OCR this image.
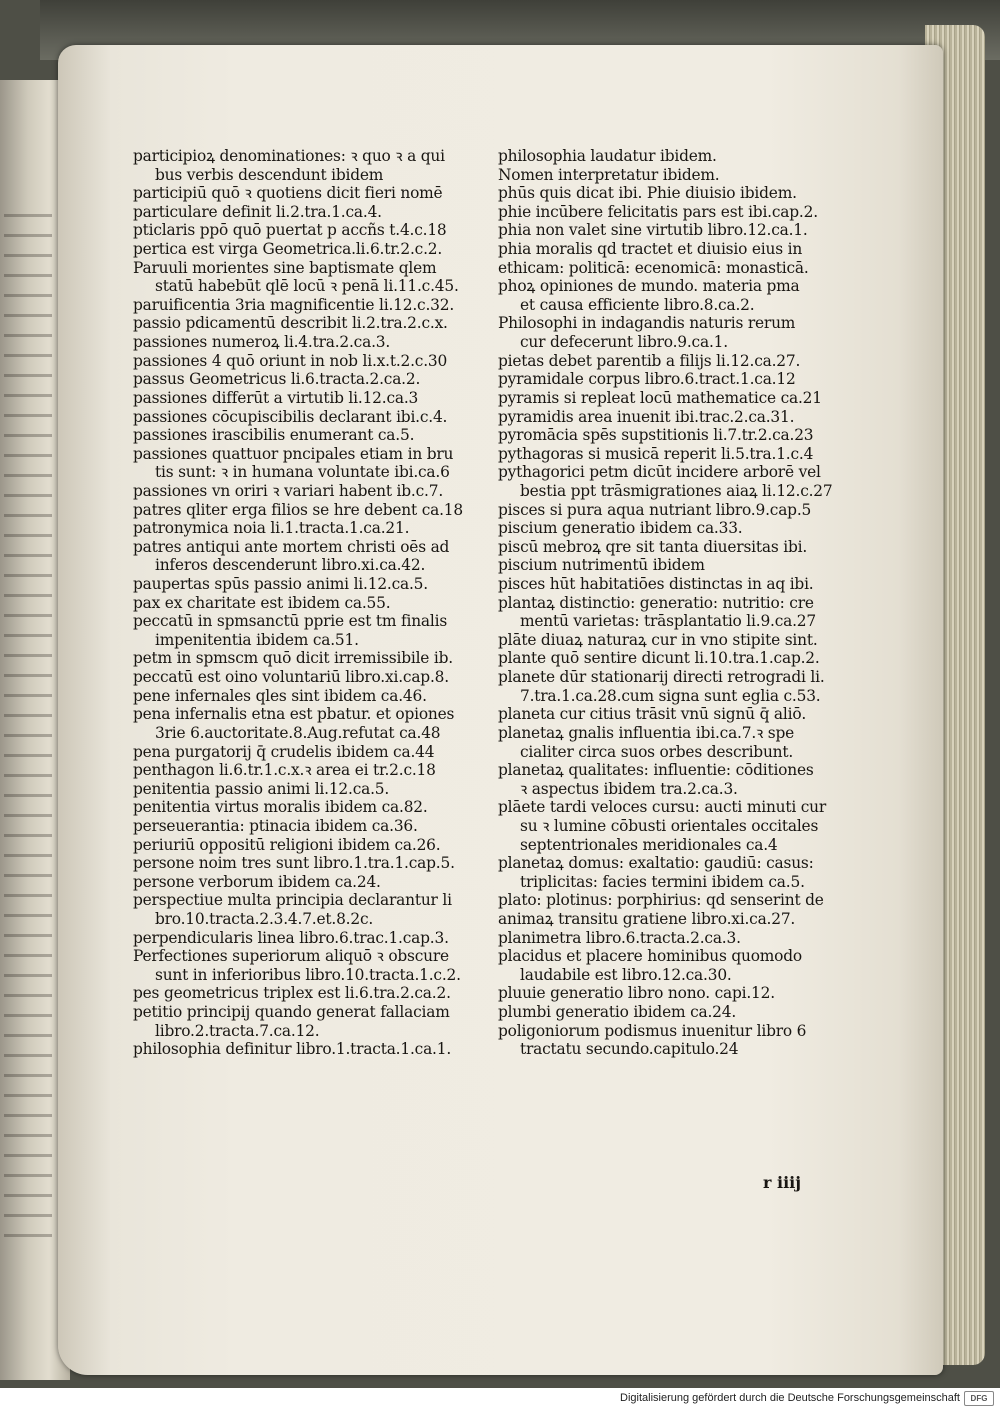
participioꝝ denominationes: ꝛ quo ꝛ a qui
bus verbis descendunt ibidem
participiū quō ꝛ quotiens dicit fieri nomē
particulare definit li.2.tra.1.ca.4.
pticlaris ppō quō puertat p accñs t.4.c.18
pertica est virga Geometrica.li.6.tr.2.c.2.
Paruuli morientes sine baptismate qlem
statū habebūt qlē locū ꝛ penā li.11.c.45.
paruificentia 3ria magnificentie li.12.c.32.
passio pdicamentū describit li.2.tra.2.c.x.
passiones numeroꝝ li.4.tra.2.ca.3.
passiones 4 quō oriunt in nob li.x.t.2.c.30
passus Geometricus li.6.tracta.2.ca.2.
passiones differūt a virtutib li.12.ca.3
passiones cōcupiscibilis declarant ibi.c.4.
passiones irascibilis enumerant ca.5.
passiones quattuor pncipales etiam in bru
tis sunt: ꝛ in humana voluntate ibi.ca.6
passiones vn oriri ꝛ variari habent ib.c.7.
patres qliter erga filios se hre debent ca.18
patronymica noia li.1.tracta.1.ca.21.
patres antiqui ante mortem christi oēs ad
inferos descenderunt libro.xi.ca.42.
paupertas spūs passio animi li.12.ca.5.
pax ex charitate est ibidem ca.55.
peccatū in spmsanctū pprie est tm finalis
impenitentia ibidem ca.51.
petm in spmscm quō dicit irremissibile ib.
peccatū est oino voluntariū libro.xi.cap.8.
pene infernales qles sint ibidem ca.46.
pena infernalis etna est pbatur. et opiones
3rie 6.auctoritate.8.Aug.refutat ca.48
pena purgatorij q̄ crudelis ibidem ca.44
penthagon li.6.tr.1.c.x.ꝛ area ei tr.2.c.18
penitentia passio animi li.12.ca.5.
penitentia virtus moralis ibidem ca.82.
perseuerantia: ptinacia ibidem ca.36.
periuriū oppositū religioni ibidem ca.26.
persone noim tres sunt libro.1.tra.1.cap.5.
persone verborum ibidem ca.24.
perspectiue multa principia declarantur li
bro.10.tracta.2.3.4.7.et.8.2c.
perpendicularis linea libro.6.trac.1.cap.3.
Perfectiones superiorum aliquō ꝛ obscure
sunt in inferioribus libro.10.tracta.1.c.2.
pes geometricus triplex est li.6.tra.2.ca.2.
petitio principij quando generat fallaciam
libro.2.tracta.7.ca.12.
philosophia definitur libro.1.tracta.1.ca.1.
philosophia laudatur ibidem.
Nomen interpretatur ibidem.
phūs quis dicat ibi. Phie diuisio ibidem.
phie incūbere felicitatis pars est ibi.cap.2.
phia non valet sine virtutib libro.12.ca.1.
phia moralis qd tractet et diuisio eius in
ethicam: politicā: ecenomicā: monasticā.
phoꝝ opiniones de mundo. materia pma
et causa efficiente libro.8.ca.2.
Philosophi in indagandis naturis rerum
cur defecerunt libro.9.ca.1.
pietas debet parentib a filijs li.12.ca.27.
pyramidale corpus libro.6.tract.1.ca.12
pyramis si repleat locū mathematice ca.21
pyramidis area inuenit ibi.trac.2.ca.31.
pyromācia spēs supstitionis li.7.tr.2.ca.23
pythagoras si musicā reperit li.5.tra.1.c.4
pythagorici petm dicūt incidere arborē vel
bestia ppt trāsmigrationes aiaꝝ li.12.c.27
pisces si pura aqua nutriant libro.9.cap.5
piscium generatio ibidem ca.33.
piscū mebroꝝ qre sit tanta diuersitas ibi.
piscium nutrimentū ibidem
pisces hūt habitatiōes distinctas in aq ibi.
plantaꝝ distinctio: generatio: nutritio: cre
mentū varietas: trāsplantatio li.9.ca.27
plāte diuaꝝ naturaꝝ cur in vno stipite sint.
plante quō sentire dicunt li.10.tra.1.cap.2.
planete dūr stationarij directi retrogradi li.
7.tra.1.ca.28.cum signa sunt eglia c.53.
planeta cur citius trāsit vnū signū q̄ aliō.
planetaꝝ gnalis influentia ibi.ca.7.ꝛ spe
cialiter circa suos orbes describunt.
planetaꝝ qualitates: influentie: cōditiones
ꝛ aspectus ibidem tra.2.ca.3.
plāete tardi veloces cursu: aucti minuti cur
su ꝛ lumine cōbusti orientales occitales
septentrionales meridionales ca.4
planetaꝝ domus: exaltatio: gaudiū: casus:
triplicitas: facies termini ibidem ca.5.
plato: plotinus: porphirius: qd senserint de
animaꝝ transitu gratiene libro.xi.ca.27.
planimetra libro.6.tracta.2.ca.3.
placidus et placere hominibus quomodo
laudabile est libro.12.ca.30.
pluuie generatio libro nono. capi.12.
plumbi generatio ibidem ca.24.
poligoniorum podismus inuenitur libro 6
tractatu secundo.capitulo.24
r iiij
Digitalisierung gefördert durch die Deutsche Forschungsgemeinschaft	DFG
